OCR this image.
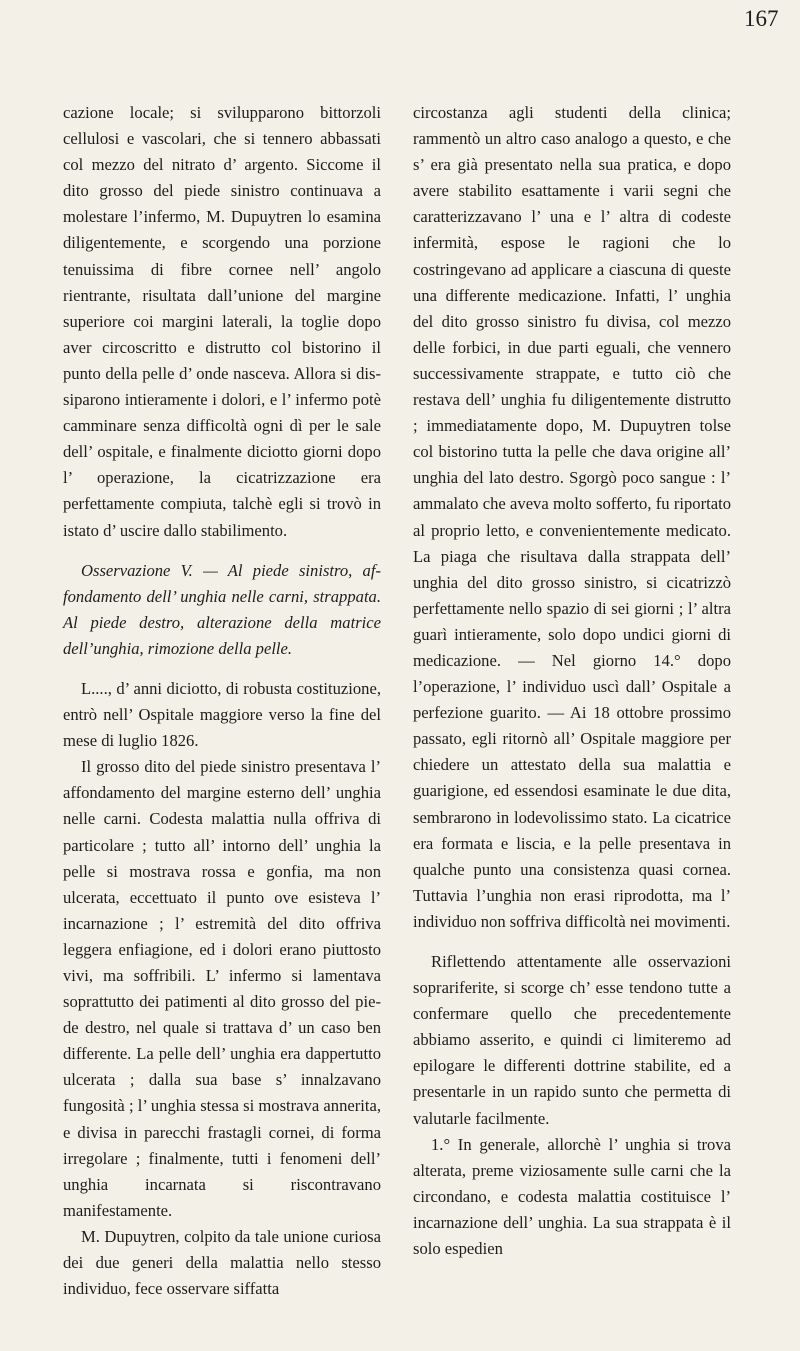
167

cazione locale; si svilupparono bittorzoli cellulosi e vascolari, che si tennero abbassati col mezzo del nitrato d’ argento. Siccome il dito grosso del piede sinistro continuava a molestare l’infermo, M. Dupuytren lo esamina diligentemente, e scorgendo una porzione tenuissima di fibre cornee nell’ angolo rientrante, risultata dall’unione del margine superiore coi margini laterali, la toglie dopo aver circoscritto e distrutto col bistorino il punto della pelle d’ onde nasceva. Allora si dissiparono intieramente i dolori, e l’ infermo potè camminare senza difficoltà ogni dì per le sale dell’ ospitale, e finalmente diciotto giorni dopo l’ operazione, la cicatrizzazione era perfettamente compiuta, talchè egli si trovò in istato d’ uscire dallo stabilimento.

Osservazione V. — Al piede sinistro, affondamento dell’ unghia nelle carni, strappata. Al piede destro, alterazione della matrice dell’unghia, rimozione della pelle.

L...., d’ anni diciotto, di robusta costituzione, entrò nell’ Ospitale maggiore verso la fine del mese di luglio 1826.

Il grosso dito del piede sinistro presentava l’ affondamento del margine esterno dell’ unghia nelle carni. Codesta malattia nulla offriva di particolare ; tutto all’ intorno dell’ unghia la pelle si mostrava rossa e gonfia, ma non ulcerata, eccettuato il punto ove esisteva l’ incarnazione ; l’ estremità del dito offriva leggera enfiagione, ed i dolori erano piuttosto vivi, ma soffribili. L’ infermo si lamentava soprattutto dei patimenti al dito grosso del piede destro, nel quale si trattava d’ un caso ben differente. La pelle dell’ unghia era dappertutto ulcerata ; dalla sua base s’ innalzavano fungosità ; l’ unghia stessa si mostrava annerita, e divisa in parecchi frastagli cornei, di forma irregolare ; finalmente, tutti i fenomeni dell’ unghia incarnata si riscontravano manifestamente.

M. Dupuytren, colpito da tale unione curiosa dei due generi della malattia nello stesso individuo, fece osservare siffatta

circostanza agli studenti della clinica; rammentò un altro caso analogo a questo, e che s’ era già presentato nella sua pratica, e dopo avere stabilito esattamente i varii segni che caratterizzavano l’ una e l’ altra di codeste infermità, espose le ragioni che lo costringevano ad applicare a ciascuna di queste una differente medicazione. Infatti, l’ unghia del dito grosso sinistro fu divisa, col mezzo delle forbici, in due parti eguali, che vennero successivamente strappate, e tutto ciò che restava dell’ unghia fu diligentemente distrutto ; immediatamente dopo, M. Dupuytren tolse col bistorino tutta la pelle che dava origine all’ unghia del lato destro. Sgorgò poco sangue : l’ ammalato che aveva molto sofferto, fu riportato al proprio letto, e convenientemente medicato. La piaga che risultava dalla strappata dell’ unghia del dito grosso sinistro, si cicatrizzò perfettamente nello spazio di sei giorni ; l’ altra guarì intieramente, solo dopo undici giorni di medicazione. — Nel giorno 14.° dopo l’operazione, l’ individuo uscì dall’ Ospitale a perfezione guarito. — Ai 18 ottobre prossimo passato, egli ritornò all’ Ospitale maggiore per chiedere un attestato della sua malattia e guarigione, ed essendosi esaminate le due dita, sembrarono in lodevolissimo stato. La cicatrice era formata e liscia, e la pelle presentava in qualche punto una consistenza quasi cornea. Tuttavia l’unghia non erasi riprodotta, ma l’ individuo non soffriva difficoltà nei movimenti.

Riflettendo attentamente alle osservazioni soprariferite, si scorge ch’ esse tendono tutte a confermare quello che precedentemente abbiamo asserito, e quindi ci limiteremo ad epilogare le differenti dottrine stabilite, ed a presentarle in un rapido sunto che permetta di valutarle facilmente.

1.° In generale, allorchè l’ unghia si trova alterata, preme viziosamente sulle carni che la circondano, e codesta malattia costituisce l’ incarnazione dell’ unghia. La sua strappata è il solo espedien
